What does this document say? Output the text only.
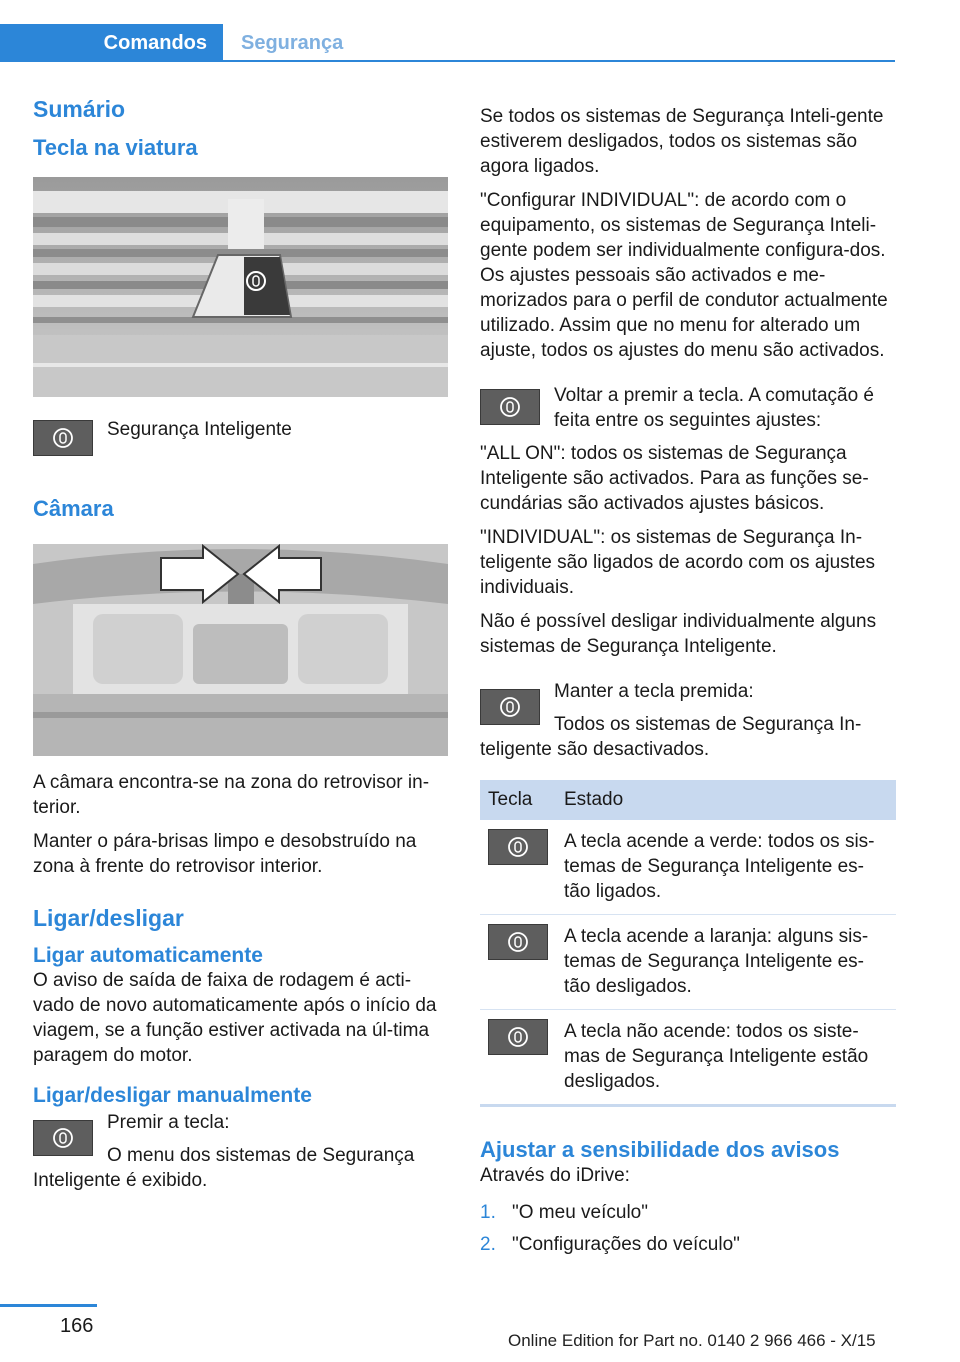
Comandos	Segurança
Sumário
Tecla na viatura
Segurança Inteligente
Câmara

A câmara encontra-se na zona do retrovisor in-terior.

Manter o pára-brisas limpo e desobstruído na zona à frente do retrovisor interior.

Ligar/desligar
Ligar automaticamente

O aviso de saída de faixa de rodagem é acti-vado de novo automaticamente após o início da viagem, se a função estiver activada na úl-tima paragem do motor.

Ligar/desligar manualmente
Premir a tecla:
O menu dos sistemas de Segurança

Inteligente é exibido.

Se todos os sistemas de Segurança Inteli-gente estiverem desligados, todos os sistemas são agora ligados.

"Configurar INDIVIDUAL": de acordo com o equipamento, os sistemas de Segurança Inteli-gente podem ser individualmente configura-dos. Os ajustes pessoais são activados e me-morizados para o perfil de condutor actualmente utilizado. Assim que no menu for alterado um ajuste, todos os ajustes do menu são activados.

Voltar a premir a tecla. A comutação é feita entre os seguintes ajustes:

"ALL ON": todos os sistemas de Segurança Inteligente são activados. Para as funções se-cundárias são activados ajustes básicos.

"INDIVIDUAL": os sistemas de Segurança In-teligente são ligados de acordo com os ajustes individuais.

Não é possível desligar individualmente alguns sistemas de Segurança Inteligente.

Manter a tecla premida:
Todos os sistemas de Segurança In-

teligente são desactivados.

Tecla	Estado

	A tecla acende a verde: todos os sis-temas de Segurança Inteligente es-tão ligados.

	A tecla acende a laranja: alguns sis-temas de Segurança Inteligente es-tão desligados.

	A tecla não acende: todos os siste-mas de Segurança Inteligente estão desligados.
Ajustar a sensibilidade dos avisos

Através do iDrive:

1. "O meu veículo"
2. "Configurações do veículo"
166
Online Edition for Part no. 0140 2 966 466 - X/15
